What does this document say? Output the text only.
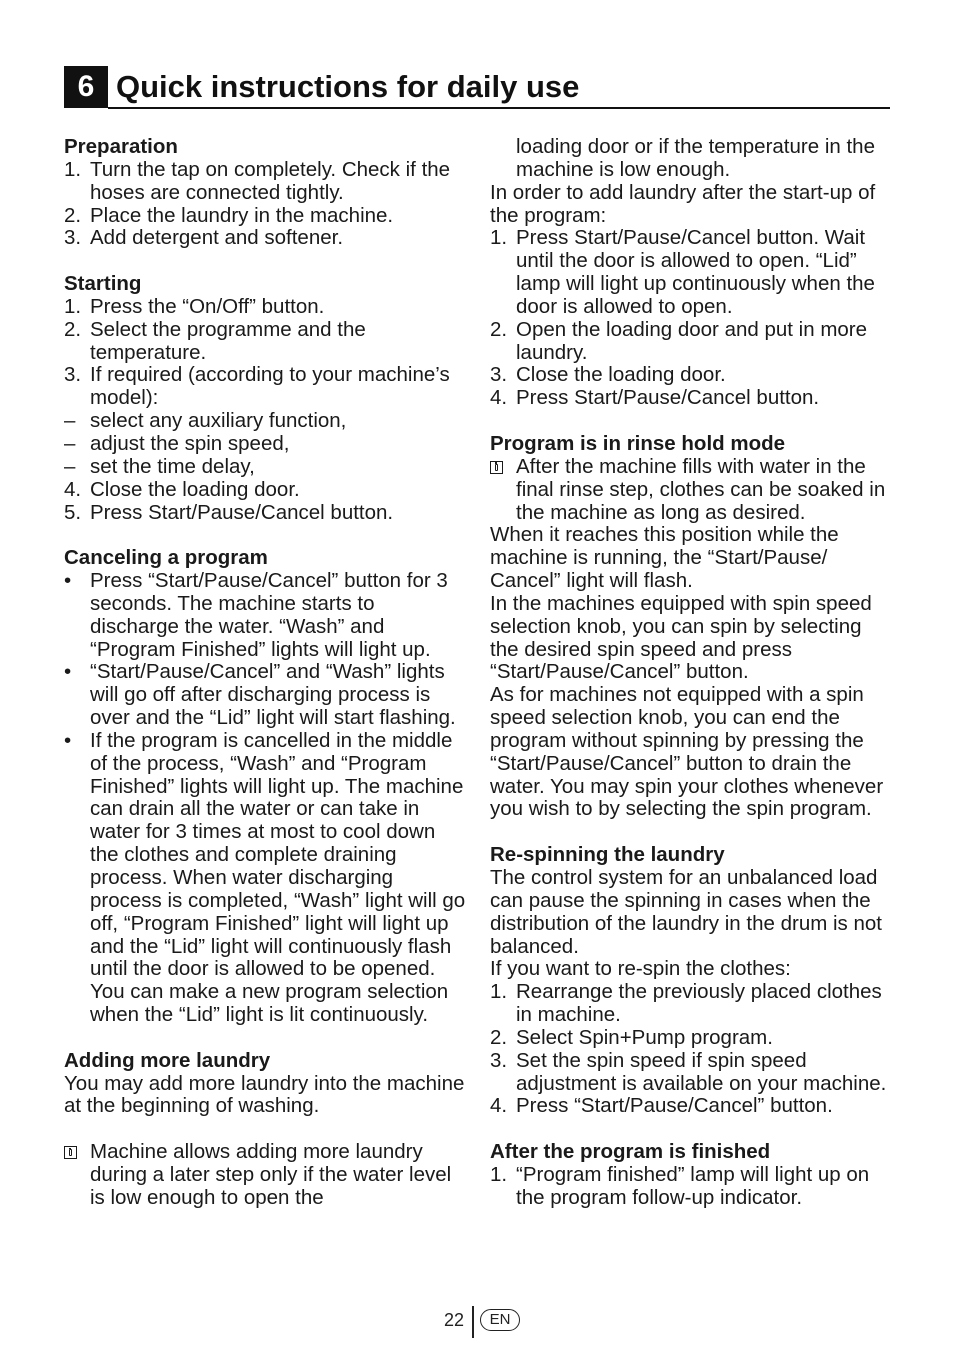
6 Quick instructions for daily use
Preparation
1. Turn the tap on completely. Check if the hoses are connected tightly.
2. Place the laundry in the machine.
3. Add detergent and softener.
Starting
1. Press the “On/Off” button.
2. Select the programme and the temperature.
3. If required (according to your machine’s model):
– select any auxiliary function,
– adjust the spin speed,
– set the time delay,
4. Close the loading door.
5. Press Start/Pause/Cancel button.
Canceling a program
• Press “Start/Pause/Cancel” button for 3 seconds. The machine starts to discharge the water. “Wash” and “Program Finished” lights will light up.
• “Start/Pause/Cancel” and “Wash” lights will go off after discharging process is over and the “Lid” light will start flashing.
• If the program is cancelled in the middle of the process, “Wash” and “Program Finished” lights will light up. The machine can drain all the water or can take in water for 3 times at most to cool down the clothes and complete draining process. When water discharging process is completed, “Wash” light will go off, “Program Finished” light will light up and the “Lid” light will continuously flash until the door is allowed to be opened. You can make a new program selection when the “Lid” light is lit continuously.
Adding more laundry
You may add more laundry into the machine at the beginning of washing.
Machine allows adding more laundry during a later step only if the water level is low enough to open the
loading door or if the temperature in the machine is low enough.
In order to add laundry after the start-up of the program:
1. Press Start/Pause/Cancel button. Wait until the door is allowed to open. “Lid” lamp will light up continuously when the door is allowed to open.
2. Open the loading door and put in more laundry.
3. Close the loading door.
4. Press Start/Pause/Cancel button.
Program is in rinse hold mode
After the machine fills with water in the final rinse step, clothes can be soaked in the machine as long as desired.
When it reaches this position while the machine is running, the “Start/Pause/ Cancel” light will flash.
In the machines equipped with spin speed selection knob, you can spin by selecting the desired spin speed and press “Start/Pause/Cancel” button.
As for machines not equipped with a spin speed selection knob, you can end the program without spinning by pressing the “Start/Pause/Cancel” button to drain the water. You may spin your clothes whenever you wish to by selecting the spin program.
Re-spinning the laundry
The control system for an unbalanced load can pause the spinning in cases when the distribution of the laundry in the drum is not balanced.
If you want to re-spin the clothes:
1. Rearrange the previously placed clothes in machine.
2. Select Spin+Pump program.
3. Set the spin speed if spin speed adjustment is available on your machine.
4. Press “Start/Pause/Cancel” button.
After the program is finished
1. “Program finished” lamp will light up on the program follow-up indicator.
22	EN
